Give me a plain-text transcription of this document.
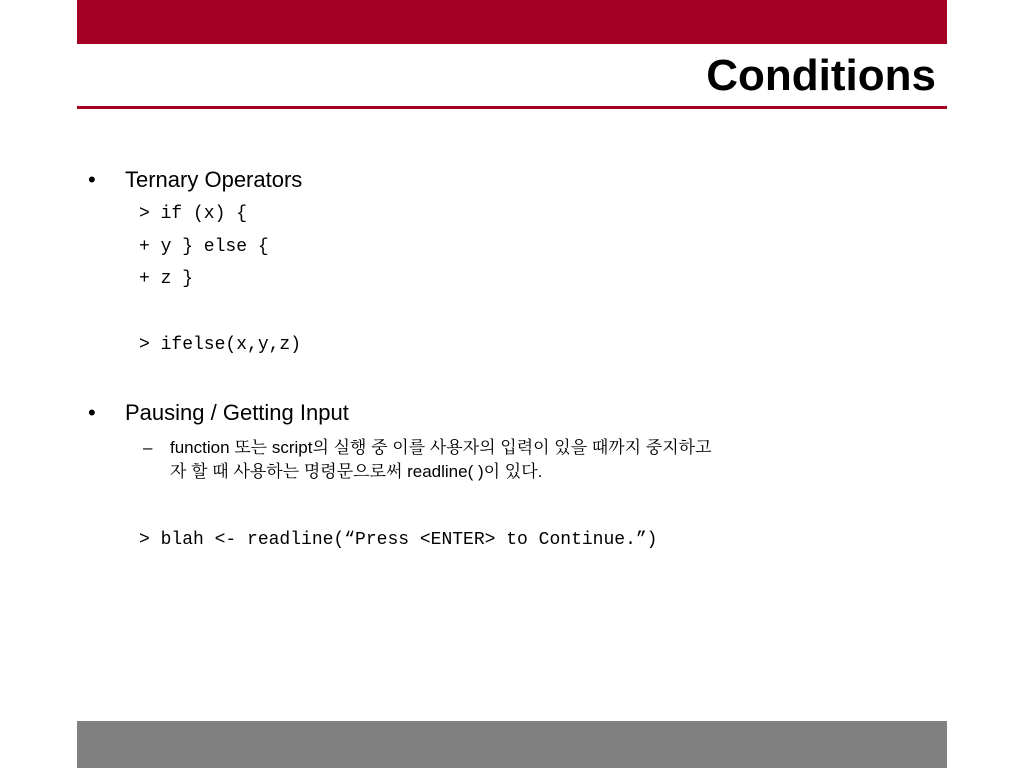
Conditions
• Ternary Operators
> if (x) {
+ y } else {
+ z }
> ifelse(x,y,z)
• Pausing / Getting Input
– function 또는 script의 실행 중 이를 사용자의 입력이 있을 때까지 중지하고
자 할 때 사용하는 명령문으로써 readline( )이 있다.
> blah <- readline(“Press <ENTER> to Continue.”)
